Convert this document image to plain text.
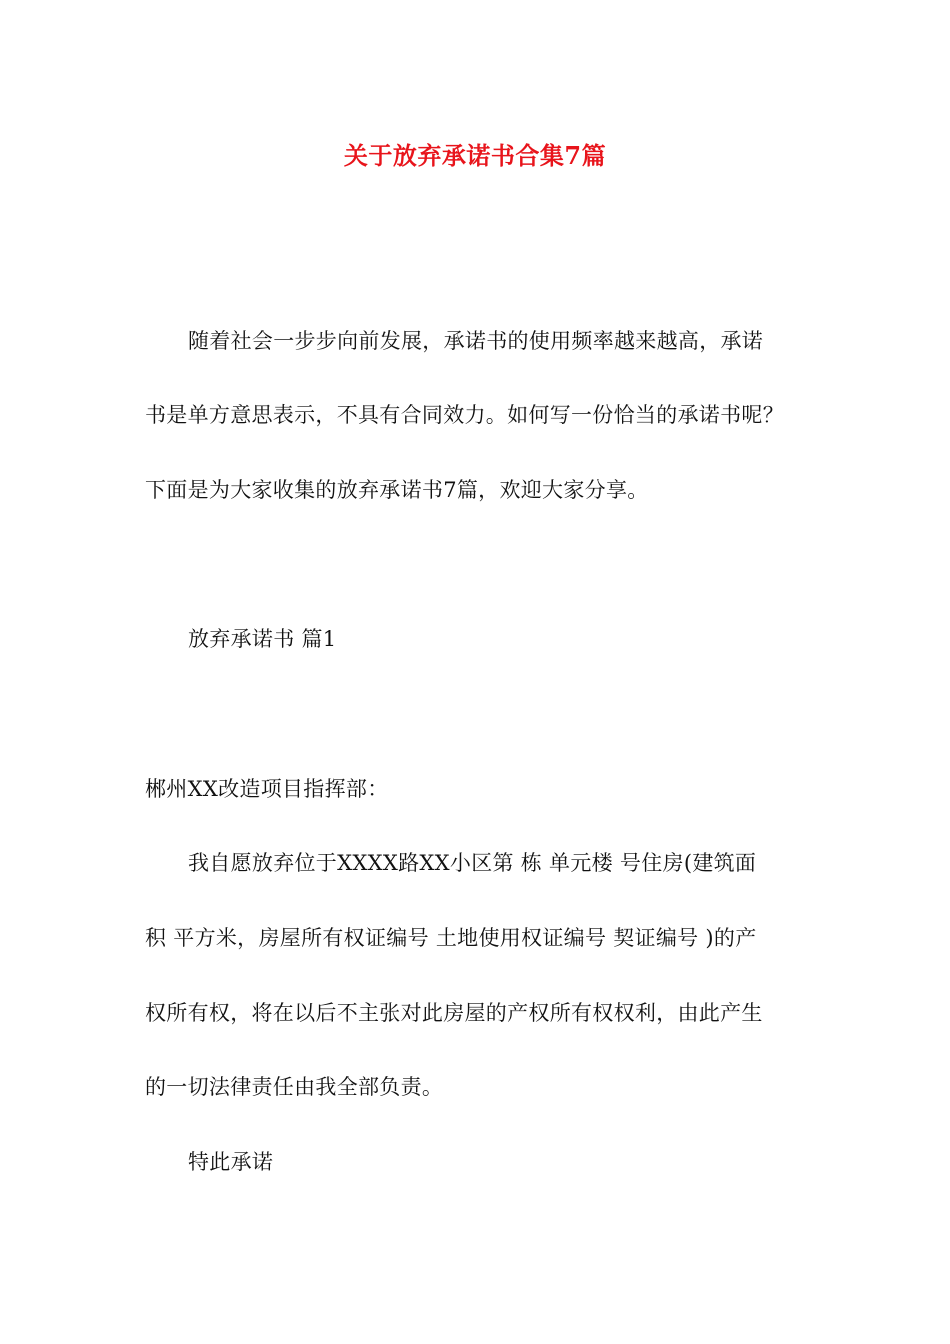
关于放弃承诺书合集7篇
随着社会一步步向前发展，承诺书的使用频率越来越高，承诺
书是单方意思表示，不具有合同效力。如何写一份恰当的承诺书呢？
下面是为大家收集的放弃承诺书7篇，欢迎大家分享。
放弃承诺书 篇1
郴州XX改造项目指挥部：
我自愿放弃位于XXXX路XX小区第 栋 单元楼 号住房(建筑面
积 平方米，房屋所有权证编号 土地使用权证编号 契证编号 )的产
权所有权，将在以后不主张对此房屋的产权所有权权利，由此产生
的一切法律责任由我全部负责。
特此承诺
